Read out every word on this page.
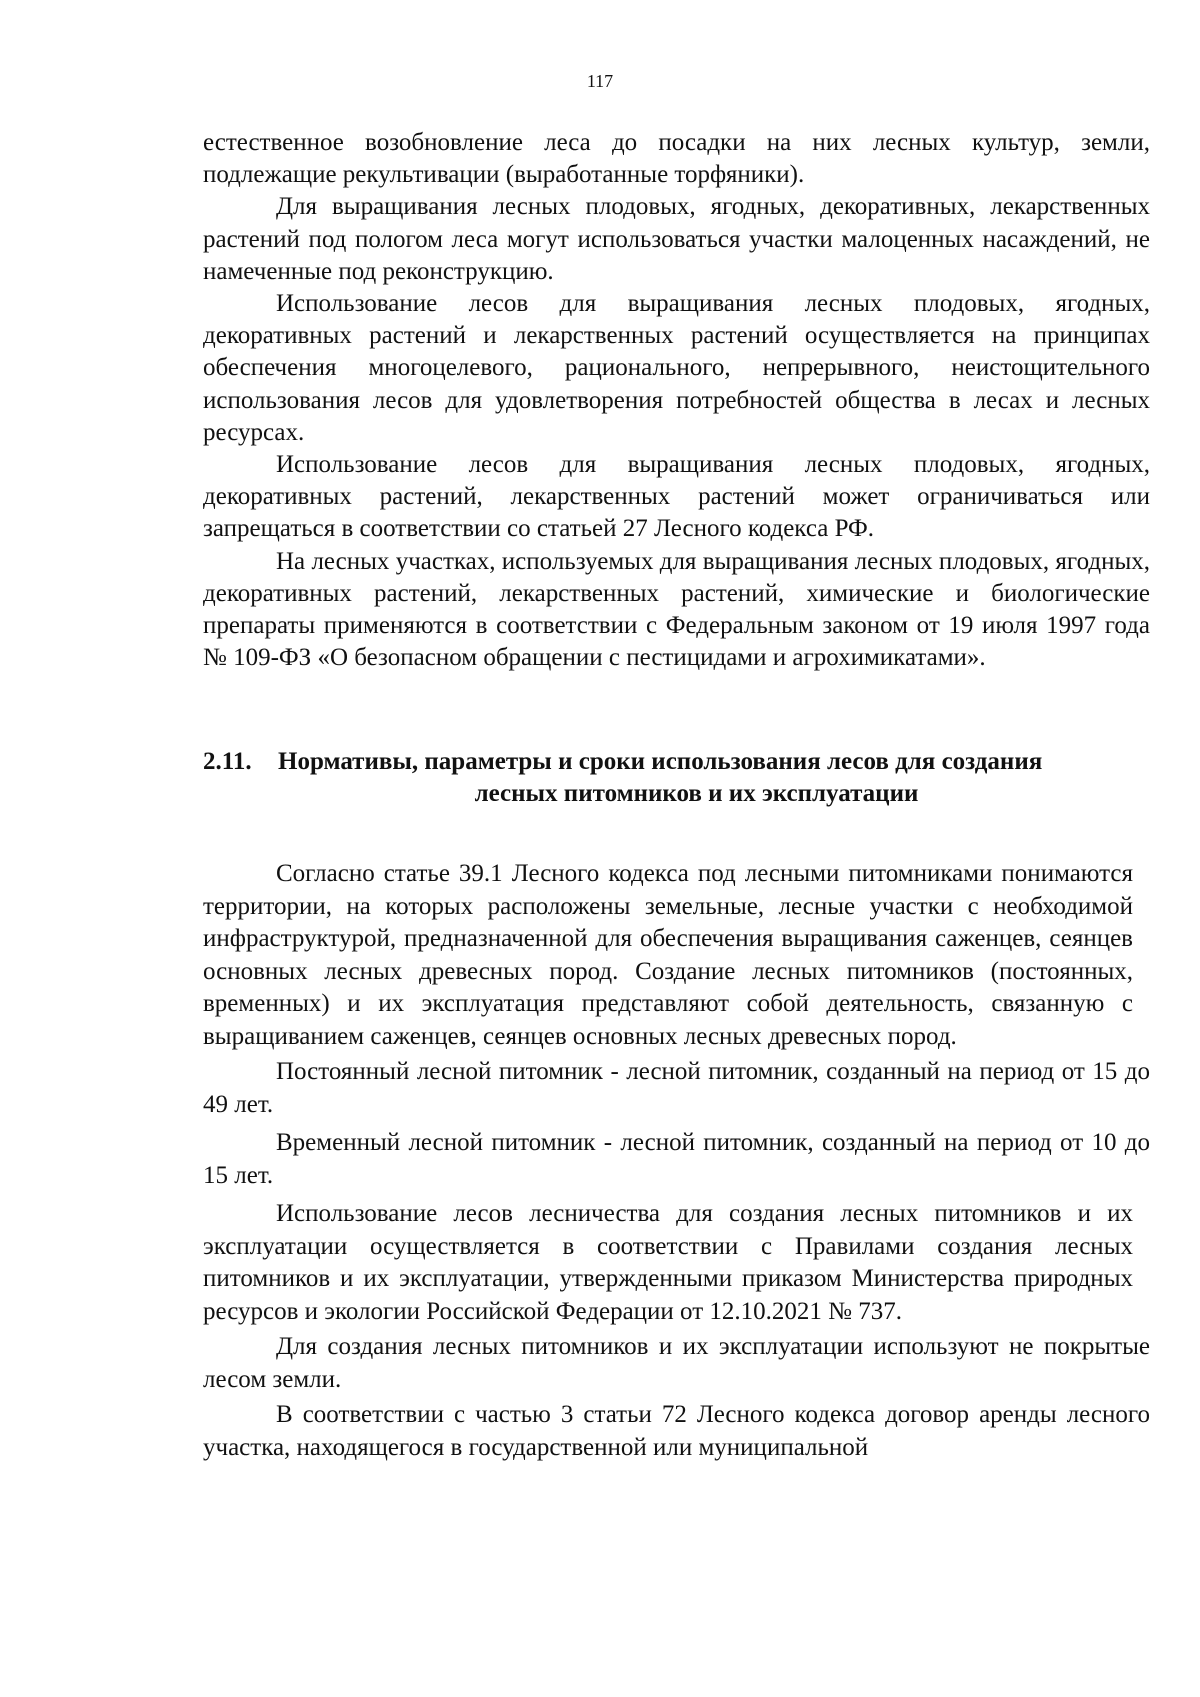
117

естественное возобновление леса до посадки на них лесных культур, земли, подлежащие рекультивации (выработанные торфяники).

Для выращивания лесных плодовых, ягодных, декоративных, лекарственных растений под пологом леса могут использоваться участки малоценных насаждений, не намеченные под реконструкцию.

Использование лесов для выращивания лесных плодовых, ягодных, декоративных растений и лекарственных растений осуществляется на принципах обеспечения многоцелевого, рационального, непрерывного, неистощительного использования лесов для удовлетворения потребностей общества в лесах и лесных ресурсах.

Использование лесов для выращивания лесных плодовых, ягодных, декоративных растений, лекарственных растений может ограничиваться или запрещаться в соответствии со статьей 27 Лесного кодекса РФ.

На лесных участках, используемых для выращивания лесных плодовых, ягодных, декоративных растений, лекарственных растений, химические и биологические препараты применяются в соответствии с Федеральным законом от 19 июля 1997 года № 109-ФЗ «О безопасном обращении с пестицидами и агрохимикатами».

2.11. Нормативы, параметры и сроки использования лесов для создания
лесных питомников и их эксплуатации

Согласно статье 39.1 Лесного кодекса под лесными питомниками понимаются территории, на которых расположены земельные, лесные участки с необходимой инфраструктурой, предназначенной для обеспечения выращивания саженцев, сеянцев основных лесных древесных пород. Создание лесных питомников (постоянных, временных) и их эксплуатация представляют собой деятельность, связанную с выращиванием саженцев, сеянцев основных лесных древесных пород.

Постоянный лесной питомник - лесной питомник, созданный на период от 15 до 49 лет.

Временный лесной питомник - лесной питомник, созданный на период от 10 до 15 лет.

Использование лесов лесничества для создания лесных питомников и их эксплуатации осуществляется в соответствии с Правилами создания лесных питомников и их эксплуатации, утвержденными приказом Министерства природных ресурсов и экологии Российской Федерации от 12.10.2021 № 737.

Для создания лесных питомников и их эксплуатации используют не покрытые лесом земли.

В соответствии с частью 3 статьи 72 Лесного кодекса договор аренды лесного участка, находящегося в государственной или муниципальной
